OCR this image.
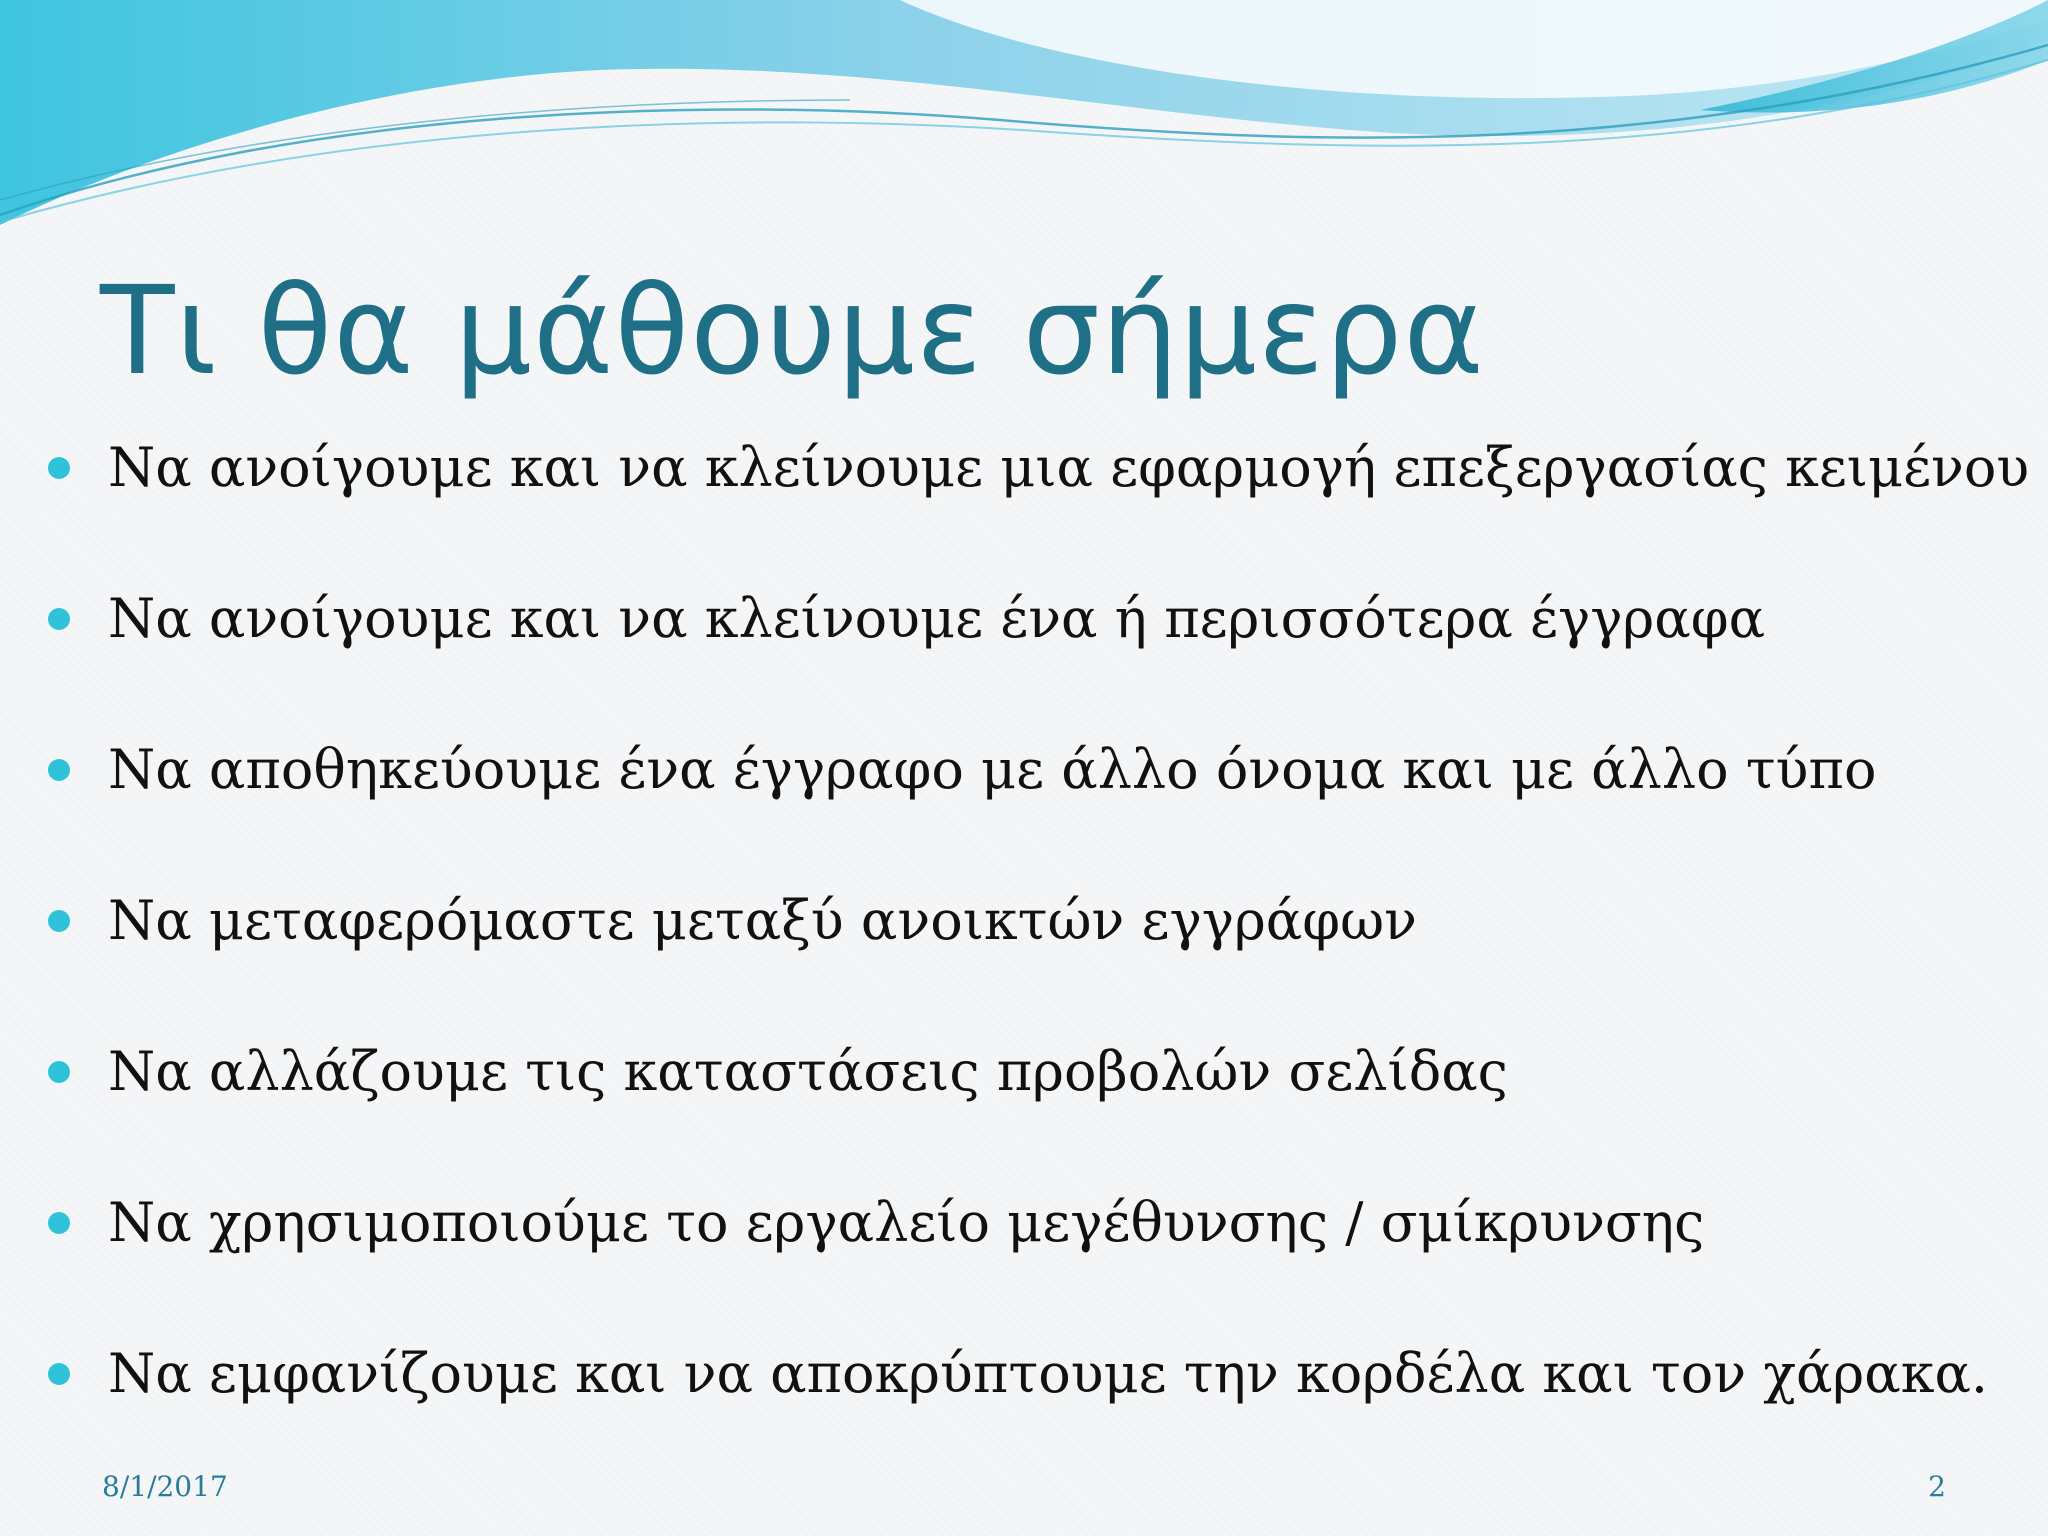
Τι θα μάθουμε σήμερα
Να ανοίγουμε και να κλείνουμε μια εφαρμογή επεξεργασίας κειμένου
Να ανοίγουμε και να κλείνουμε ένα ή περισσότερα έγγραφα
Να αποθηκεύουμε ένα έγγραφο με άλλο όνομα και με άλλο τύπο
Να μεταφερόμαστε μεταξύ ανοικτών εγγράφων
Να αλλάζουμε τις καταστάσεις προβολών σελίδας
Να χρησιμοποιούμε το εργαλείο μεγέθυνσης / σμίκρυνσης
Να εμφανίζουμε και να αποκρύπτουμε την κορδέλα και τον χάρακα.
8/1/2017	2
